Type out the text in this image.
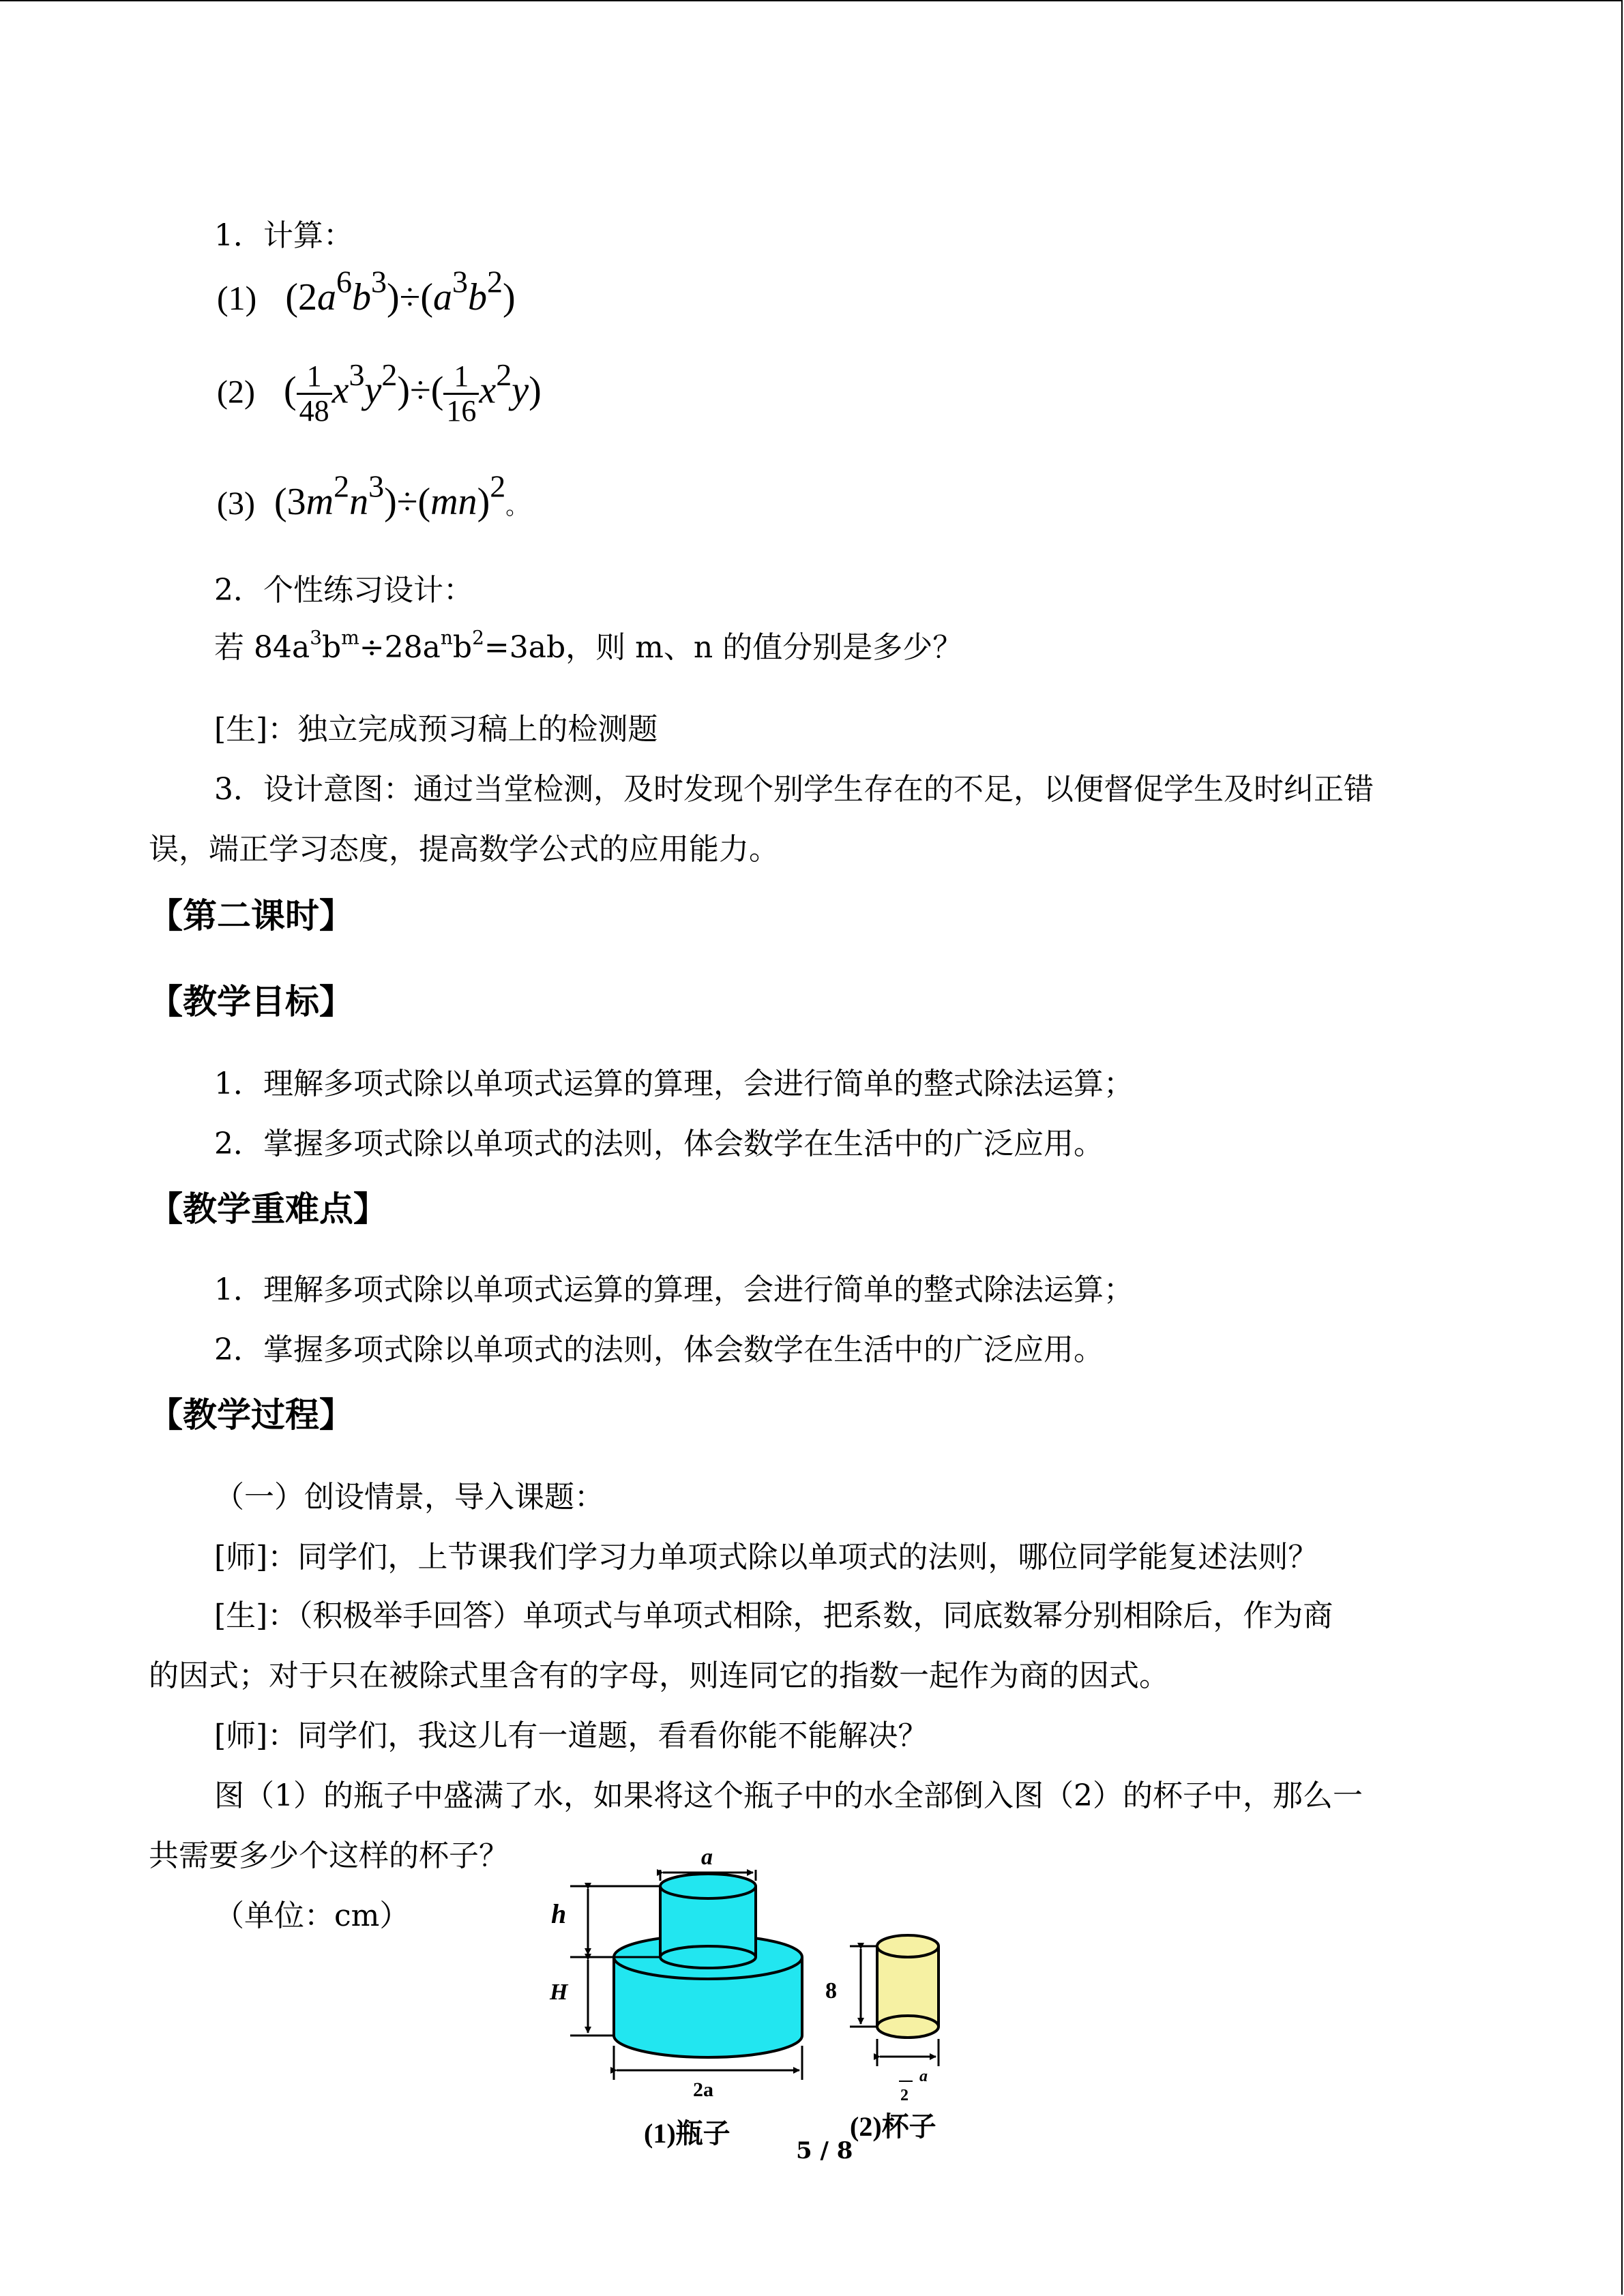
1．计算：
(1)   $(2a^6b^3)\div(a^3b^2)$
(2)   ( $\frac{1}{48} x^3y^2)\div( \frac{1}{16} x^2y)$
(3)  $(3m^2n^3)\div(mn)^2$。
2．个性练习设计：
若 $84a^3b^m\div 28a^nb^2=3ab$，则 m、n 的值分别是多少？
[生]：独立完成预习稿上的检测题
3．设计意图：通过当堂检测，及时发现个别学生存在的不足，以便督促学生及时纠正错
误，端正学习态度，提高数学公式的应用能力。
【第二课时】
【教学目标】
1．理解多项式除以单项式运算的算理，会进行简单的整式除法运算；
2．掌握多项式除以单项式的法则，体会数学在生活中的广泛应用。
【教学重难点】
1．理解多项式除以单项式运算的算理，会进行简单的整式除法运算；
2．掌握多项式除以单项式的法则，体会数学在生活中的广泛应用。
【教学过程】
（一）创设情景，导入课题：
[师]：同学们，上节课我们学习力单项式除以单项式的法则，哪位同学能复述法则？
[生]：（积极举手回答）单项式与单项式相除，把系数，同底数幂分别相除后，作为商
的因式；对于只在被除式里含有的字母，则连同它的指数一起作为商的因式。
[师]：同学们，我这儿有一道题，看看你能不能解决？
图（1）的瓶子中盛满了水，如果将这个瓶子中的水全部倒入图（2）的杯子中，那么一
共需要多少个这样的杯子？
（单位：cm）
a
h
H
2a
(1)瓶子
8
a
2
(2)杯子
5 / 8
